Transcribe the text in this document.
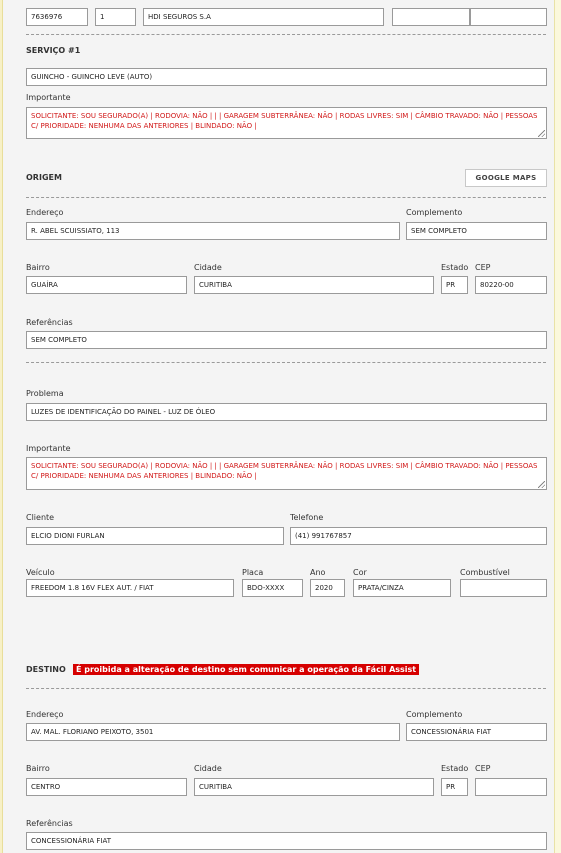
7636976	1	HDI SEGUROS S.A
SERVIÇO #1
GUINCHO - GUINCHO LEVE (AUTO)
Importante
SOLICITANTE: SOU SEGURADO(A) | RODOVIA: NÃO | | | GARAGEM SUBTERRÂNEA: NÃO | RODAS LIVRES: SIM | CÂMBIO TRAVADO: NÃO | PESSOAS C/ PRIORIDADE: NENHUMA DAS ANTERIORES | BLINDADO: NÃO |
ORIGEM	GOOGLE MAPS
Endereço
R. ABEL SCUISSIATO, 113
Complemento
SEM COMPLETO
Bairro
GUAÍRA
Cidade
CURITIBA
Estado
PR
CEP
80220-00
Referências
SEM COMPLETO
Problema
LUZES DE IDENTIFICAÇÃO DO PAINEL - LUZ DE ÓLEO
Importante
SOLICITANTE: SOU SEGURADO(A) | RODOVIA: NÃO | | | GARAGEM SUBTERRÂNEA: NÃO | RODAS LIVRES: SIM | CÂMBIO TRAVADO: NÃO | PESSOAS C/ PRIORIDADE: NENHUMA DAS ANTERIORES | BLINDADO: NÃO |
Cliente
ELCIO DIONI FURLAN
Telefone
(41) 991767857
Veículo
FREEDOM 1.8 16V FLEX AUT. / FIAT
Placa
BDO-XXXX
Ano
2020
Cor
PRATA/CINZA
Combustível
DESTINO	É proibida a alteração de destino sem comunicar a operação da Fácil Assist
Endereço
AV. MAL. FLORIANO PEIXOTO, 3501
Complemento
CONCESSIONÁRIA FIAT
Bairro
CENTRO
Cidade
CURITIBA
Estado
PR
CEP
Referências
CONCESSIONÁRIA FIAT
